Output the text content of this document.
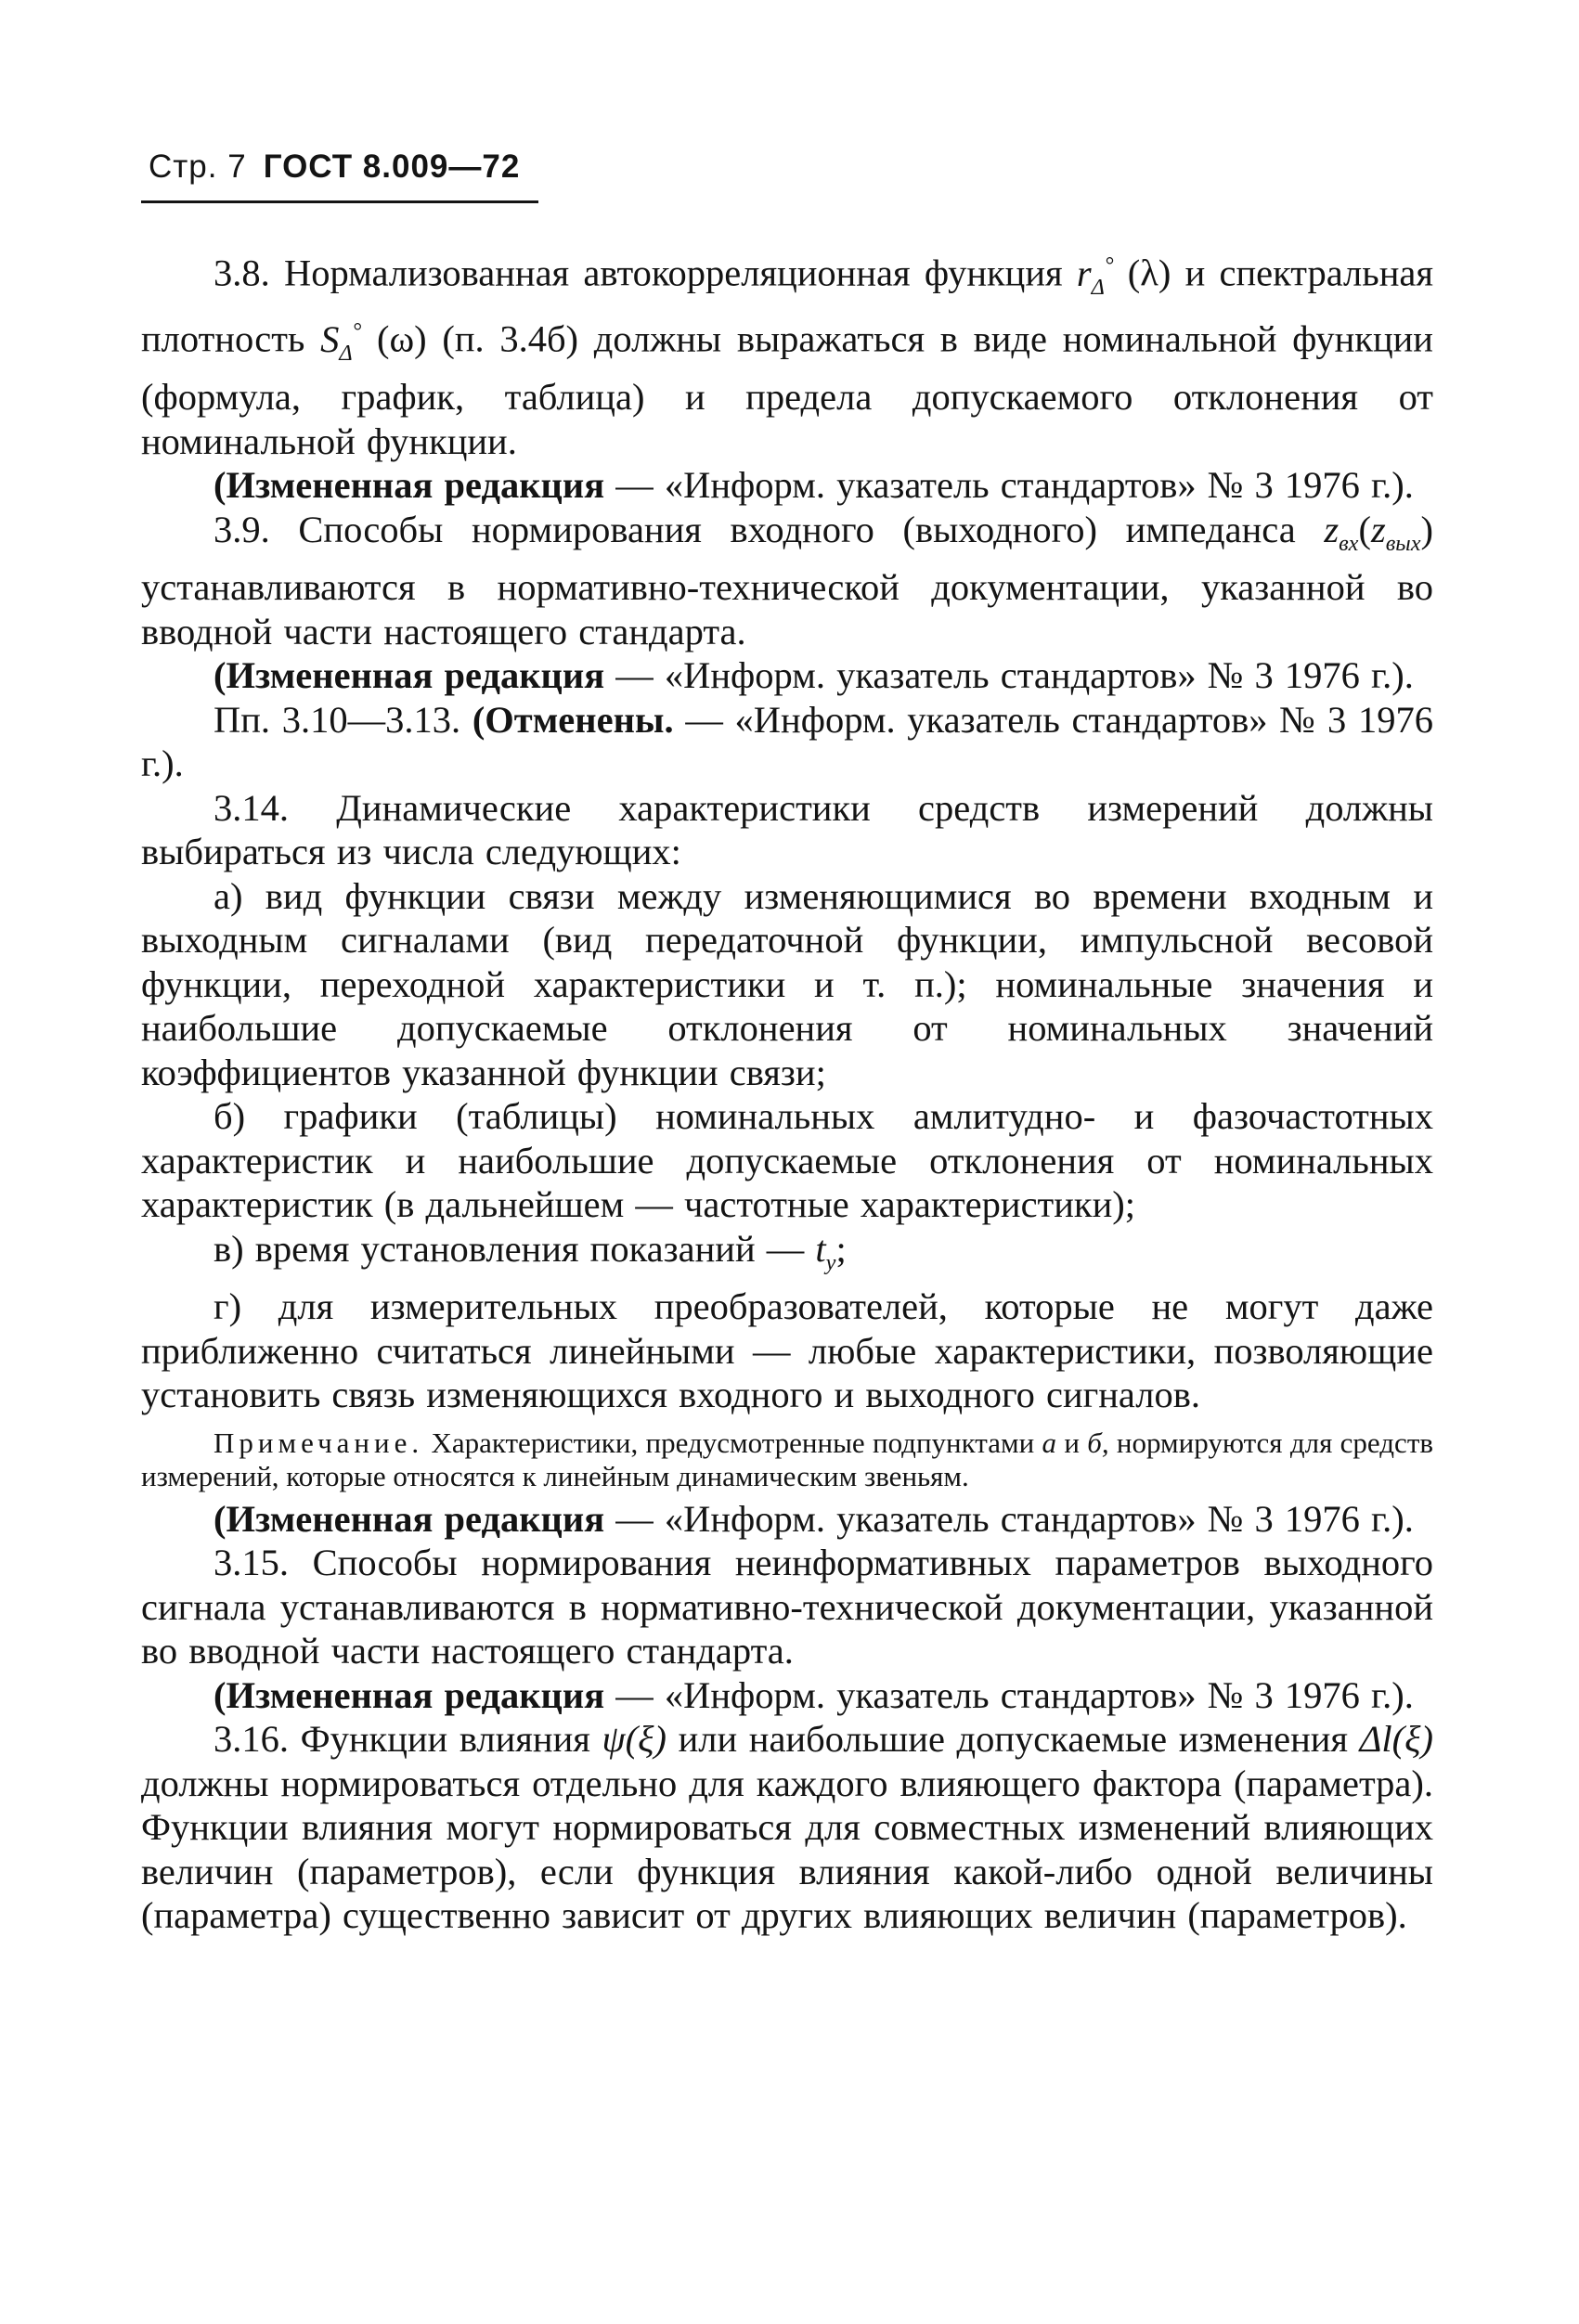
Стр. 7 ГОСТ 8.009—72

3.8. Нормализованная автокорреляционная функция $r_\Delta^\circ$ (λ) и спектральная плотность $S_\Delta^\circ$ (ω) (п. 3.4б) должны выражаться в виде номинальной функции (формула, график, таблица) и предела допускаемого отклонения от номинальной функции.

(Измененная редакция — «Информ. указатель стандартов» № 3 1976 г.).

3.9. Способы нормирования входного (выходного) импеданса $z_{вх}(z_{вых})$ устанавливаются в нормативно-технической документации, указанной во вводной части настоящего стандарта.

(Измененная редакция — «Информ. указатель стандартов» № 3 1976 г.).

Пп. 3.10—3.13. (Отменены. — «Информ. указатель стандартов» № 3 1976 г.).

3.14. Динамические характеристики средств измерений должны выбираться из числа следующих:

а) вид функции связи между изменяющимися во времени входным и выходным сигналами (вид передаточной функции, импульсной весовой функции, переходной характеристики и т. п.); номинальные значения и наибольшие допускаемые отклонения от номинальных значений коэффициентов указанной функции связи;

б) графики (таблицы) номинальных амлитудно- и фазочастотных характеристик и наибольшие допускаемые отклонения от номинальных характеристик (в дальнейшем — частотные характеристики);

в) время установления показаний — $t_у$;

г) для измерительных преобразователей, которые не могут даже приближенно считаться линейными — любые характеристики, позволяющие установить связь изменяющихся входного и выходного сигналов.

Примечание. Характеристики, предусмотренные подпунктами а и б, нормируются для средств измерений, которые относятся к линейным динамическим звеньям.

(Измененная редакция — «Информ. указатель стандартов» № 3 1976 г.).

3.15. Способы нормирования неинформативных параметров выходного сигнала устанавливаются в нормативно-технической документации, указанной во вводной части настоящего стандарта.

(Измененная редакция — «Информ. указатель стандартов» № 3 1976 г.).

3.16. Функции влияния ψ(ξ) или наибольшие допускаемые изменения Δl(ξ) должны нормироваться отдельно для каждого влияющего фактора (параметра). Функции влияния могут нормироваться для совместных изменений влияющих величин (параметров), если функция влияния какой-либо одной величины (параметра) существенно зависит от других влияющих величин (параметров).
